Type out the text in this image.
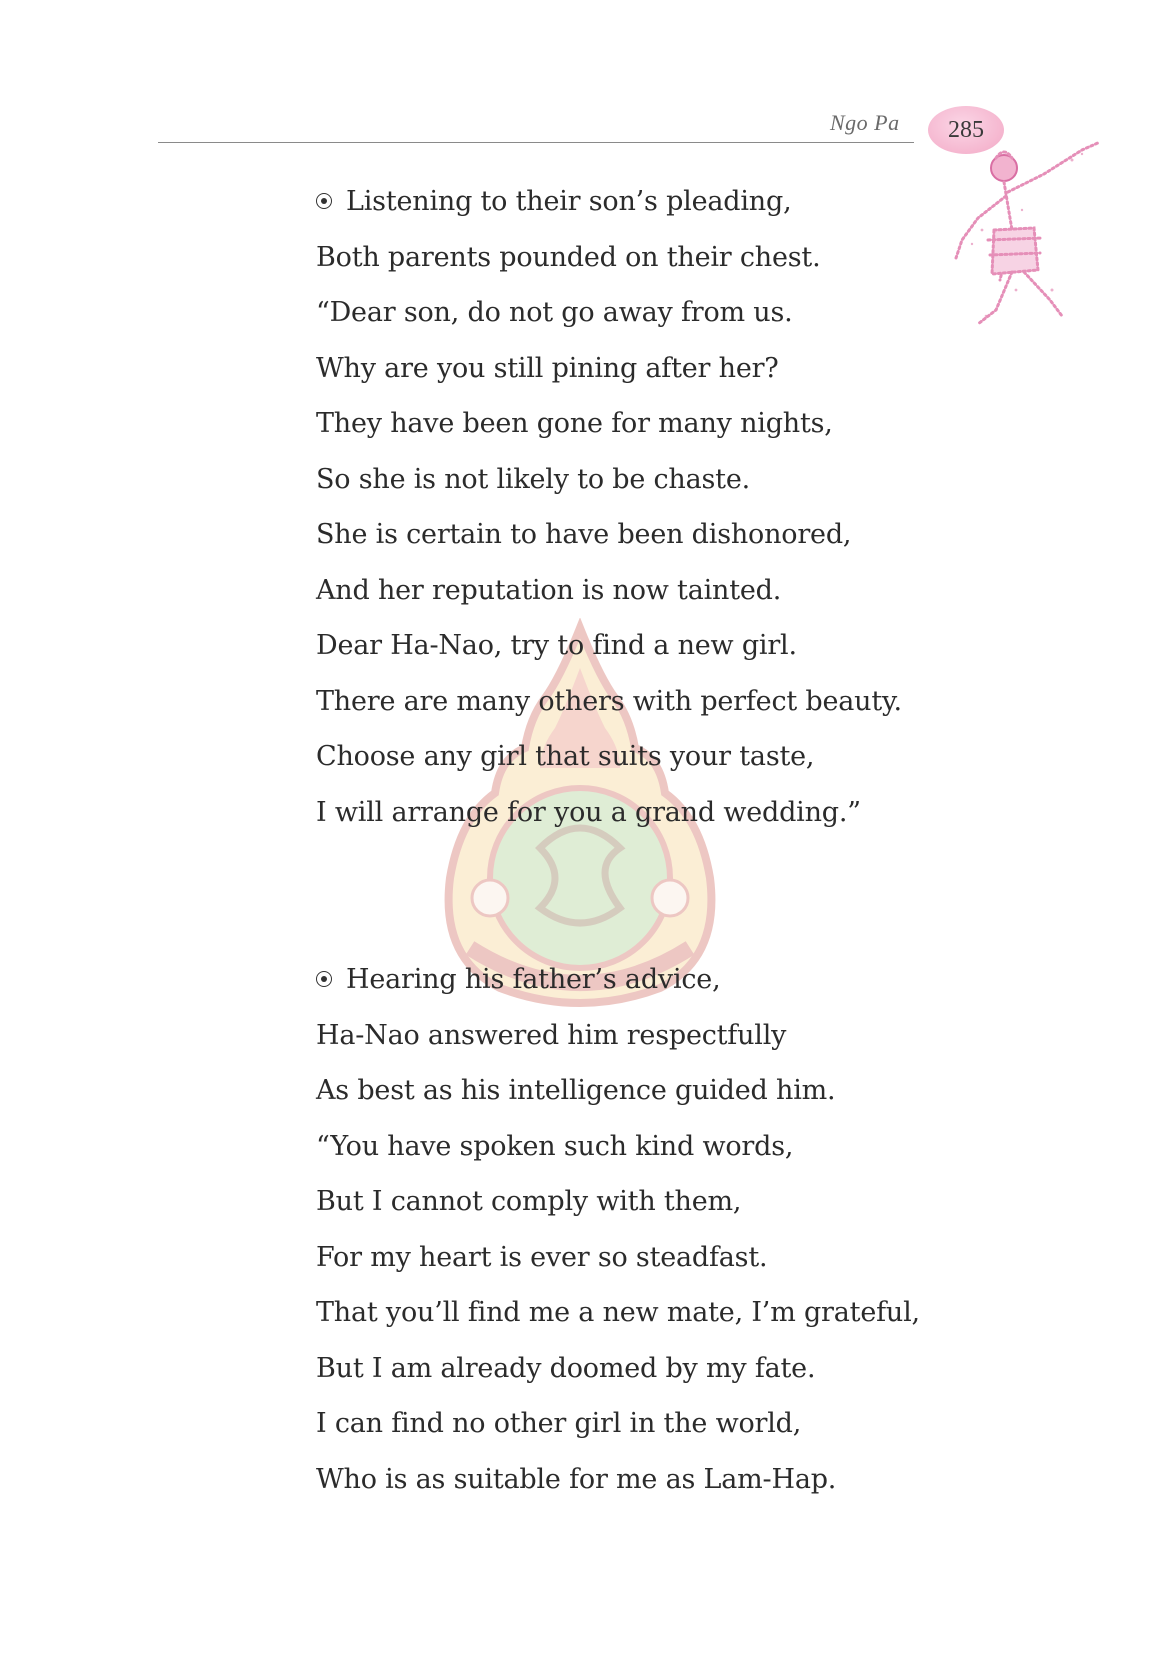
Ngo Pa	285
Listening to their son’s pleading,
Both parents pounded on their chest.
“Dear son, do not go away from us.
Why are you still pining after her?
They have been gone for many nights,
So she is not likely to be chaste.
She is certain to have been dishonored,
And her reputation is now tainted.
Dear Ha-Nao, try to find a new girl.
There are many others with perfect beauty.
Choose any girl that suits your taste,
I will arrange for you a grand wedding.”
Hearing his father’s advice,
Ha-Nao answered him respectfully
As best as his intelligence guided him.
“You have spoken such kind words,
But I cannot comply with them,
For my heart is ever so steadfast.
That you’ll find me a new mate, I’m grateful,
But I am already doomed by my fate.
I can find no other girl in the world,
Who is as suitable for me as Lam-Hap.
